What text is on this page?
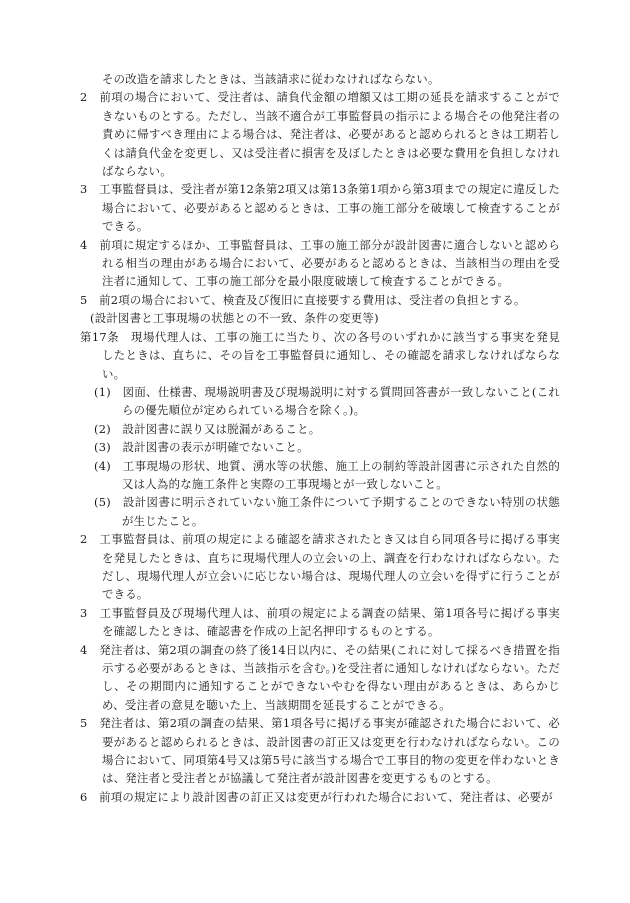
その改造を請求したときは、当該請求に従わなければならない。

2　前項の場合において、受注者は、請負代金額の増額又は工期の延長を請求することができないものとする。ただし、当該不適合が工事監督員の指示による場合その他発注者の責めに帰すべき理由による場合は、発注者は、必要があると認められるときは工期若しくは請負代金を変更し、又は受注者に損害を及ぼしたときは必要な費用を負担しなければならない。

3　工事監督員は、受注者が第12条第2項又は第13条第1項から第3項までの規定に違反した場合において、必要があると認めるときは、工事の施工部分を破壊して検査することができる。

4　前項に規定するほか、工事監督員は、工事の施工部分が設計図書に適合しないと認められる相当の理由がある場合において、必要があると認めるときは、当該相当の理由を受注者に通知して、工事の施工部分を最小限度破壊して検査することができる。

5　前2項の場合において、検査及び復旧に直接要する費用は、受注者の負担とする。

(設計図書と工事現場の状態との不一致、条件の変更等)

第17条　現場代理人は、工事の施工に当たり、次の各号のいずれかに該当する事実を発見したときは、直ちに、その旨を工事監督員に通知し、その確認を請求しなければならない。

(1)　図面、仕様書、現場説明書及び現場説明に対する質問回答書が一致しないこと(これらの優先順位が定められている場合を除く。)。

(2)　設計図書に誤り又は脱漏があること。

(3)　設計図書の表示が明確でないこと。

(4)　工事現場の形状、地質、湧水等の状態、施工上の制約等設計図書に示された自然的又は人為的な施工条件と実際の工事現場とが一致しないこと。

(5)　設計図書に明示されていない施工条件について予期することのできない特別の状態が生じたこと。

2　工事監督員は、前項の規定による確認を請求されたとき又は自ら同項各号に掲げる事実を発見したときは、直ちに現場代理人の立会いの上、調査を行わなければならない。ただし、現場代理人が立会いに応じない場合は、現場代理人の立会いを得ずに行うことができる。

3　工事監督員及び現場代理人は、前項の規定による調査の結果、第1項各号に掲げる事実を確認したときは、確認書を作成の上記名押印するものとする。

4　発注者は、第2項の調査の終了後14日以内に、その結果(これに対して採るべき措置を指示する必要があるときは、当該指示を含む。)を受注者に通知しなければならない。ただし、その期間内に通知することができないやむを得ない理由があるときは、あらかじめ、受注者の意見を聴いた上、当該期間を延長することができる。

5　発注者は、第2項の調査の結果、第1項各号に掲げる事実が確認された場合において、必要があると認められるときは、設計図書の訂正又は変更を行わなければならない。この場合において、同項第4号又は第5号に該当する場合で工事目的物の変更を伴わないときは、発注者と受注者とが協議して発注者が設計図書を変更するものとする。

6　前項の規定により設計図書の訂正又は変更が行われた場合において、発注者は、必要が
